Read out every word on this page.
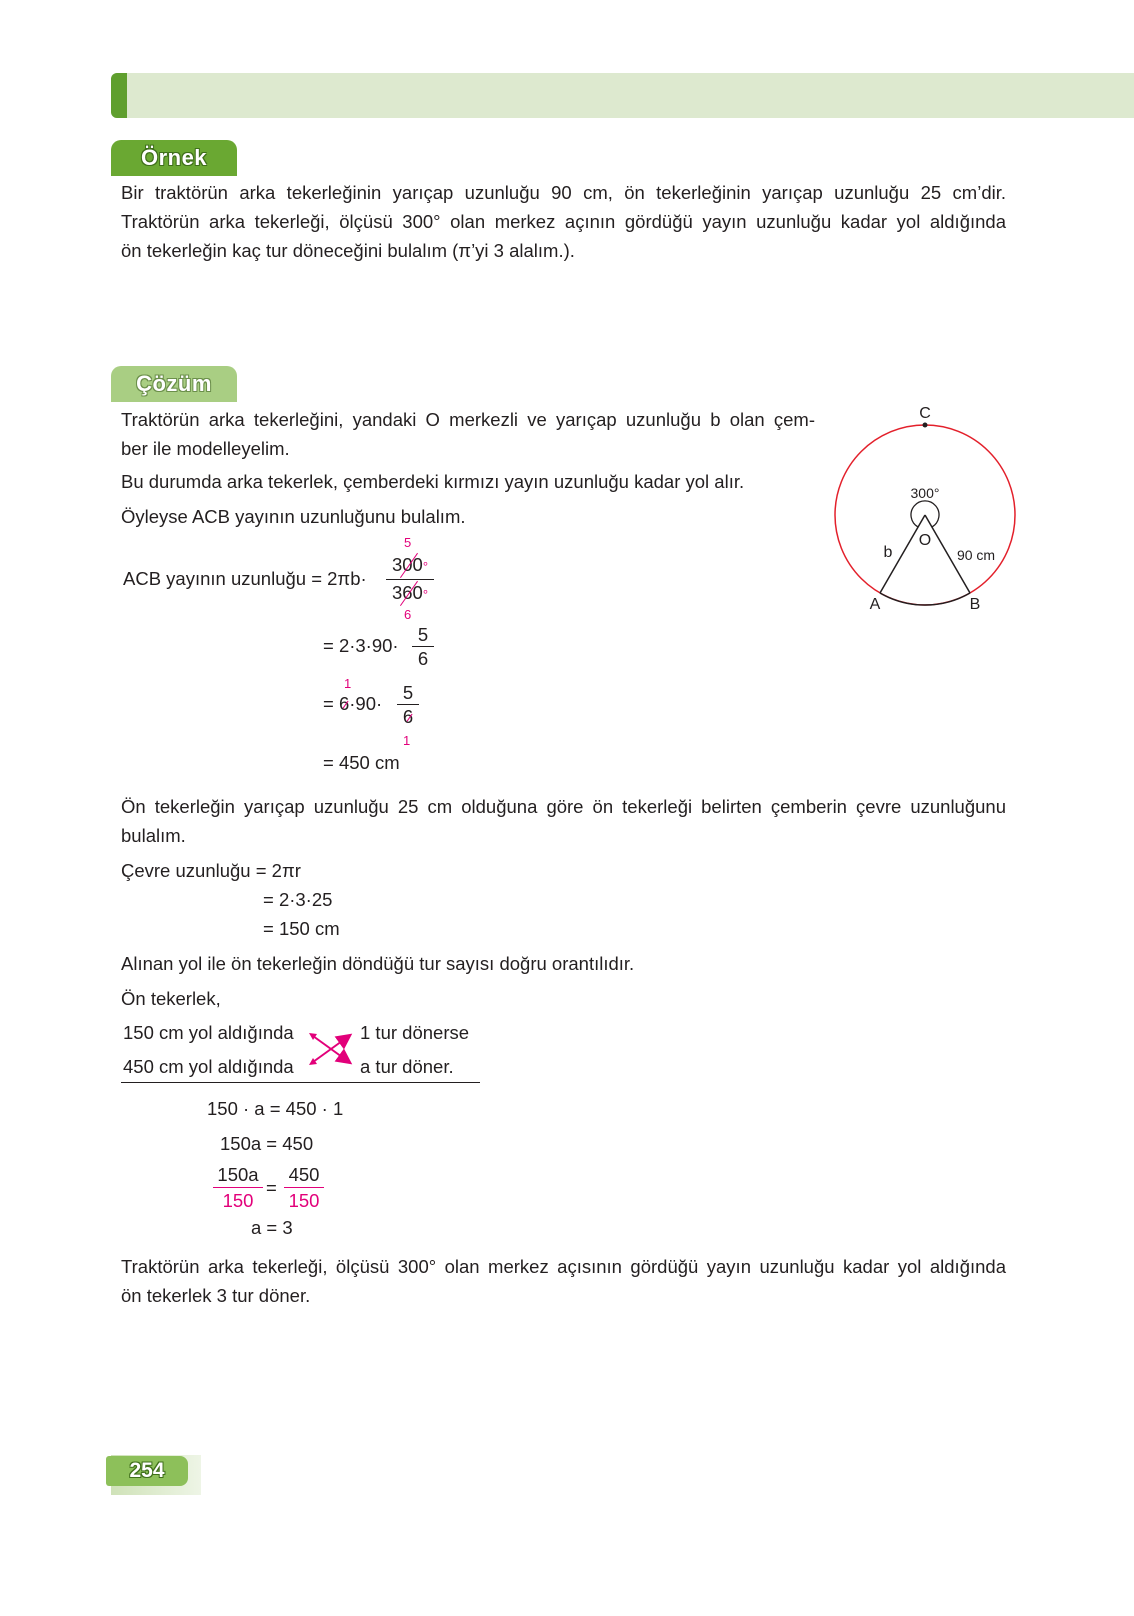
Örnek
Bir traktörün arka tekerleğinin yarıçap uzunluğu 90 cm, ön tekerleğinin yarıçap uzunluğu 25 cm’dir.
Traktörün arka tekerleği, ölçüsü 300° olan merkez açının gördüğü yayın uzunluğu kadar yol aldığında
ön tekerleğin kaç tur döneceğini bulalım (π’yi 3 alalım.).
Çözüm
Traktörün arka tekerleğini, yandaki O merkezli ve yarıçap uzunluğu b olan çem-
ber ile modelleyelim.
Bu durumda arka tekerlek, çemberdeki kırmızı yayın uzunluğu kadar yol alır.
Öyleyse ACB yayının uzunluğunu bulalım.
5
ACB yayının uzunluğu = 2πb·
300°
360°
6
= $2\cdot 3\cdot 90\cdot \frac{5}{6}$
1
= 6·90·
5
6
1
= 450 cm
Ön tekerleğin yarıçap uzunluğu 25 cm olduğuna göre ön tekerleği belirten çemberin çevre uzunluğunu
bulalım.
Çevre uzunluğu = 2πr
= 2·3·25
= 150 cm
Alınan yol ile ön tekerleğin döndüğü tur sayısı doğru orantılıdır.
Ön tekerlek,
150 cm yol aldığında	1 tur dönerse
450 cm yol aldığında	a tur döner.
150 · a = 450 · 1
150a = 450
$\frac{150a}{150} = \frac{450}{150}$
a = 3
Traktörün arka tekerleği, ölçüsü 300° olan merkez açısının gördüğü yayın uzunluğu kadar yol aldığında
ön tekerlek 3 tur döner.
C
300°
O
b	90 cm
A	B
254
